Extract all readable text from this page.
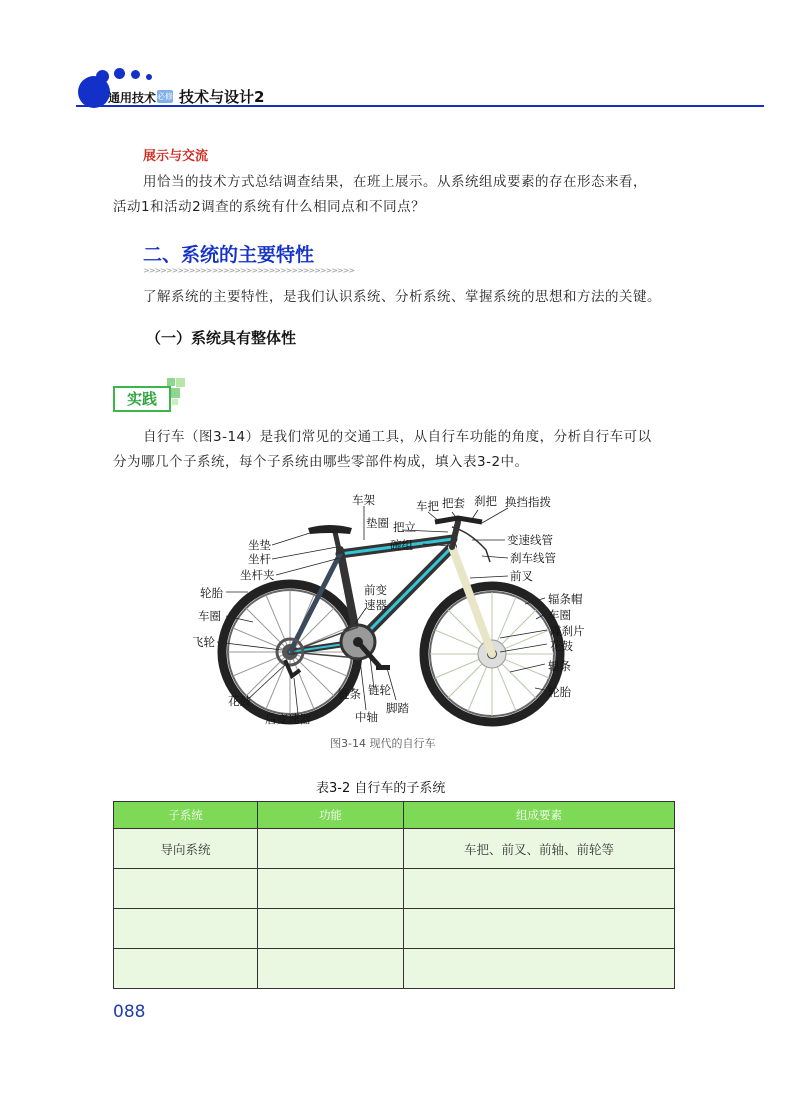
通用技术 必修 技术与设计2
展示与交流
用恰当的技术方式总结调查结果，在班上展示。从系统组成要素的存在形态来看，
活动1和活动2调查的系统有什么相同点和不同点？
二、系统的主要特性
>>>>>>>>>>>>>>>>>>>>>>>>>>>>>>>>>>>>>
了解系统的主要特性，是我们认识系统、分析系统、掌握系统的思想和方法的关键。
（一）系统具有整体性
实践
自行车（图3-14）是我们常见的交通工具，从自行车功能的角度，分析自行车可以
分为哪几个子系统，每个子系统由哪些零部件构成，填入表3-2中。
车架	车把 把套 刹把 换挡指拨
垫圈 把立
碗组	变速线管
刹车线管
前叉
坐垫
坐杆
坐杆夹
轮胎
车圈
飞轮
前变速器
花鼓
后变速器
链条 链轮
中轴
脚踏
辐条帽
车圈
碟刹片
花鼓
辐条
轮胎
图3-14 现代的自行车
表3-2 自行车的子系统
子系统	功能	组成要素
导向系统		车把、前叉、前轴、前轮等

088
